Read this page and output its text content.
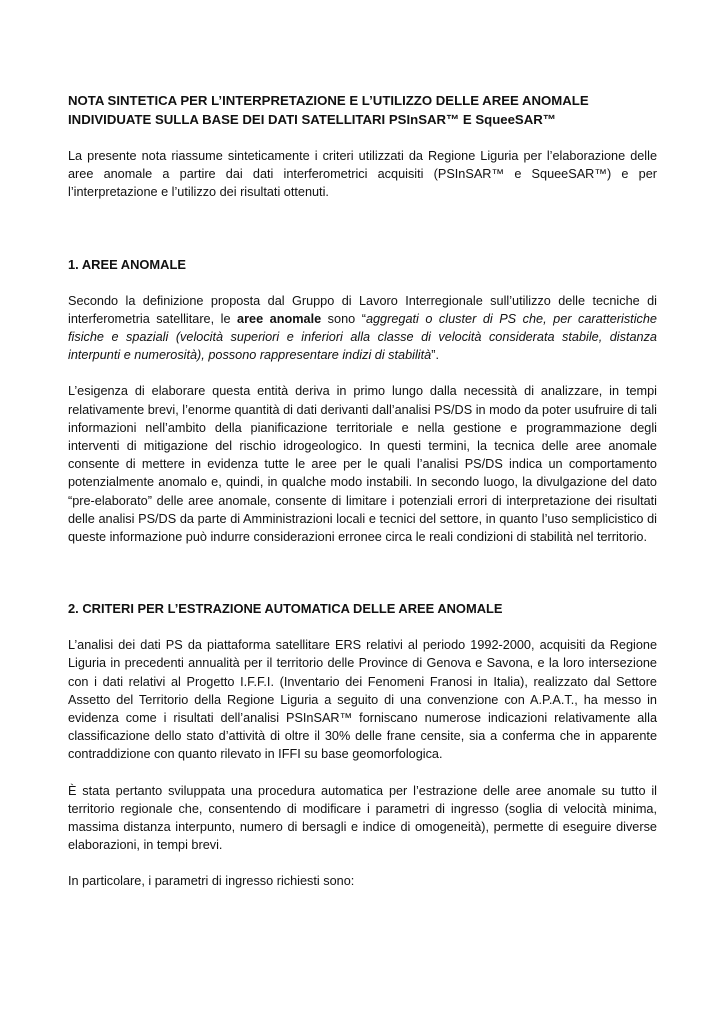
NOTA SINTETICA PER L’INTERPRETAZIONE E L’UTILIZZO DELLE AREE ANOMALE
INDIVIDUATE SULLA BASE DEI DATI SATELLITARI PSInSAR™ E SqueeSAR™

La presente nota riassume sinteticamente i criteri utilizzati da Regione Liguria per l’elaborazione delle aree anomale a partire dai dati interferometrici acquisiti (PSInSAR™ e SqueeSAR™) e per l’interpretazione e l’utilizzo dei risultati ottenuti.

1. AREE ANOMALE

Secondo la definizione proposta dal Gruppo di Lavoro Interregionale sull’utilizzo delle tecniche di interferometria satellitare, le aree anomale sono “aggregati o cluster di PS che, per caratteristiche fisiche e spaziali (velocità superiori e inferiori alla classe di velocità considerata stabile, distanza interpunti e numerosità), possono rappresentare indizi di stabilità”.

L’esigenza di elaborare questa entità deriva in primo lungo dalla necessità di analizzare, in tempi relativamente brevi, l’enorme quantità di dati derivanti dall’analisi PS/DS in modo da poter usufruire di tali informazioni nell’ambito della pianificazione territoriale e nella gestione e programmazione degli interventi di mitigazione del rischio idrogeologico. In questi termini, la tecnica delle aree anomale consente di mettere in evidenza tutte le aree per le quali l’analisi PS/DS indica un comportamento potenzialmente anomalo e, quindi, in qualche modo instabili. In secondo luogo, la divulgazione del dato “pre-elaborato” delle aree anomale, consente di limitare i potenziali errori di interpretazione dei risultati delle analisi PS/DS da parte di Amministrazioni locali e tecnici del settore, in quanto l’uso semplicistico di queste informazione può indurre considerazioni erronee circa le reali condizioni di stabilità nel territorio.

2. CRITERI PER L’ESTRAZIONE AUTOMATICA DELLE AREE ANOMALE

L’analisi dei dati PS da piattaforma satellitare ERS relativi al periodo 1992-2000, acquisiti da Regione Liguria in precedenti annualità per il territorio delle Province di Genova e Savona, e la loro intersezione con i dati relativi al Progetto I.F.F.I. (Inventario dei Fenomeni Franosi in Italia), realizzato dal Settore Assetto del Territorio della Regione Liguria a seguito di una convenzione con A.P.A.T., ha messo in evidenza come i risultati dell’analisi PSInSAR™ forniscano numerose indicazioni relativamente alla classificazione dello stato d’attività di oltre il 30% delle frane censite, sia a conferma che in apparente contraddizione con quanto rilevato in IFFI su base geomorfologica.

È stata pertanto sviluppata una procedura automatica per l’estrazione delle aree anomale su tutto il territorio regionale che, consentendo di modificare i parametri di ingresso (soglia di velocità minima, massima distanza interpunto, numero di bersagli e indice di omogeneità), permette di eseguire diverse elaborazioni, in tempi brevi.

In particolare, i parametri di ingresso richiesti sono:
